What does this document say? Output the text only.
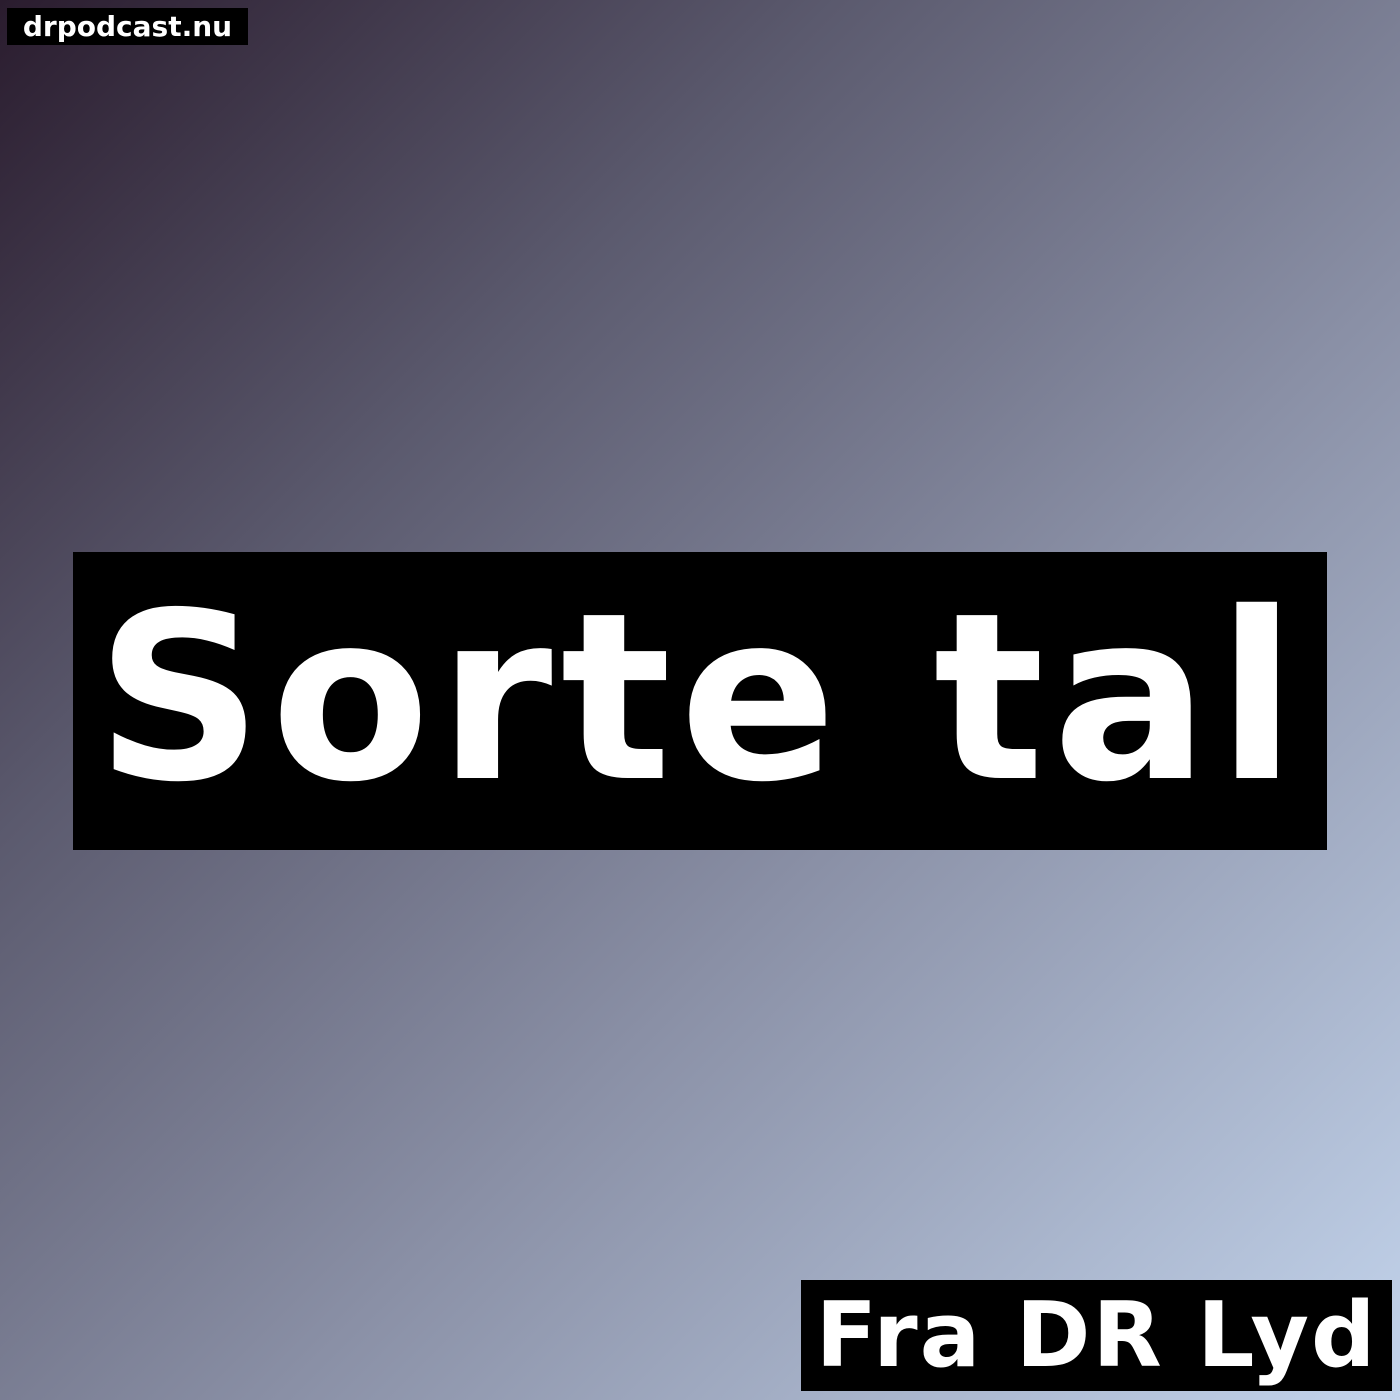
drpodcast.nu
Sorte tal
Fra DR Lyd
